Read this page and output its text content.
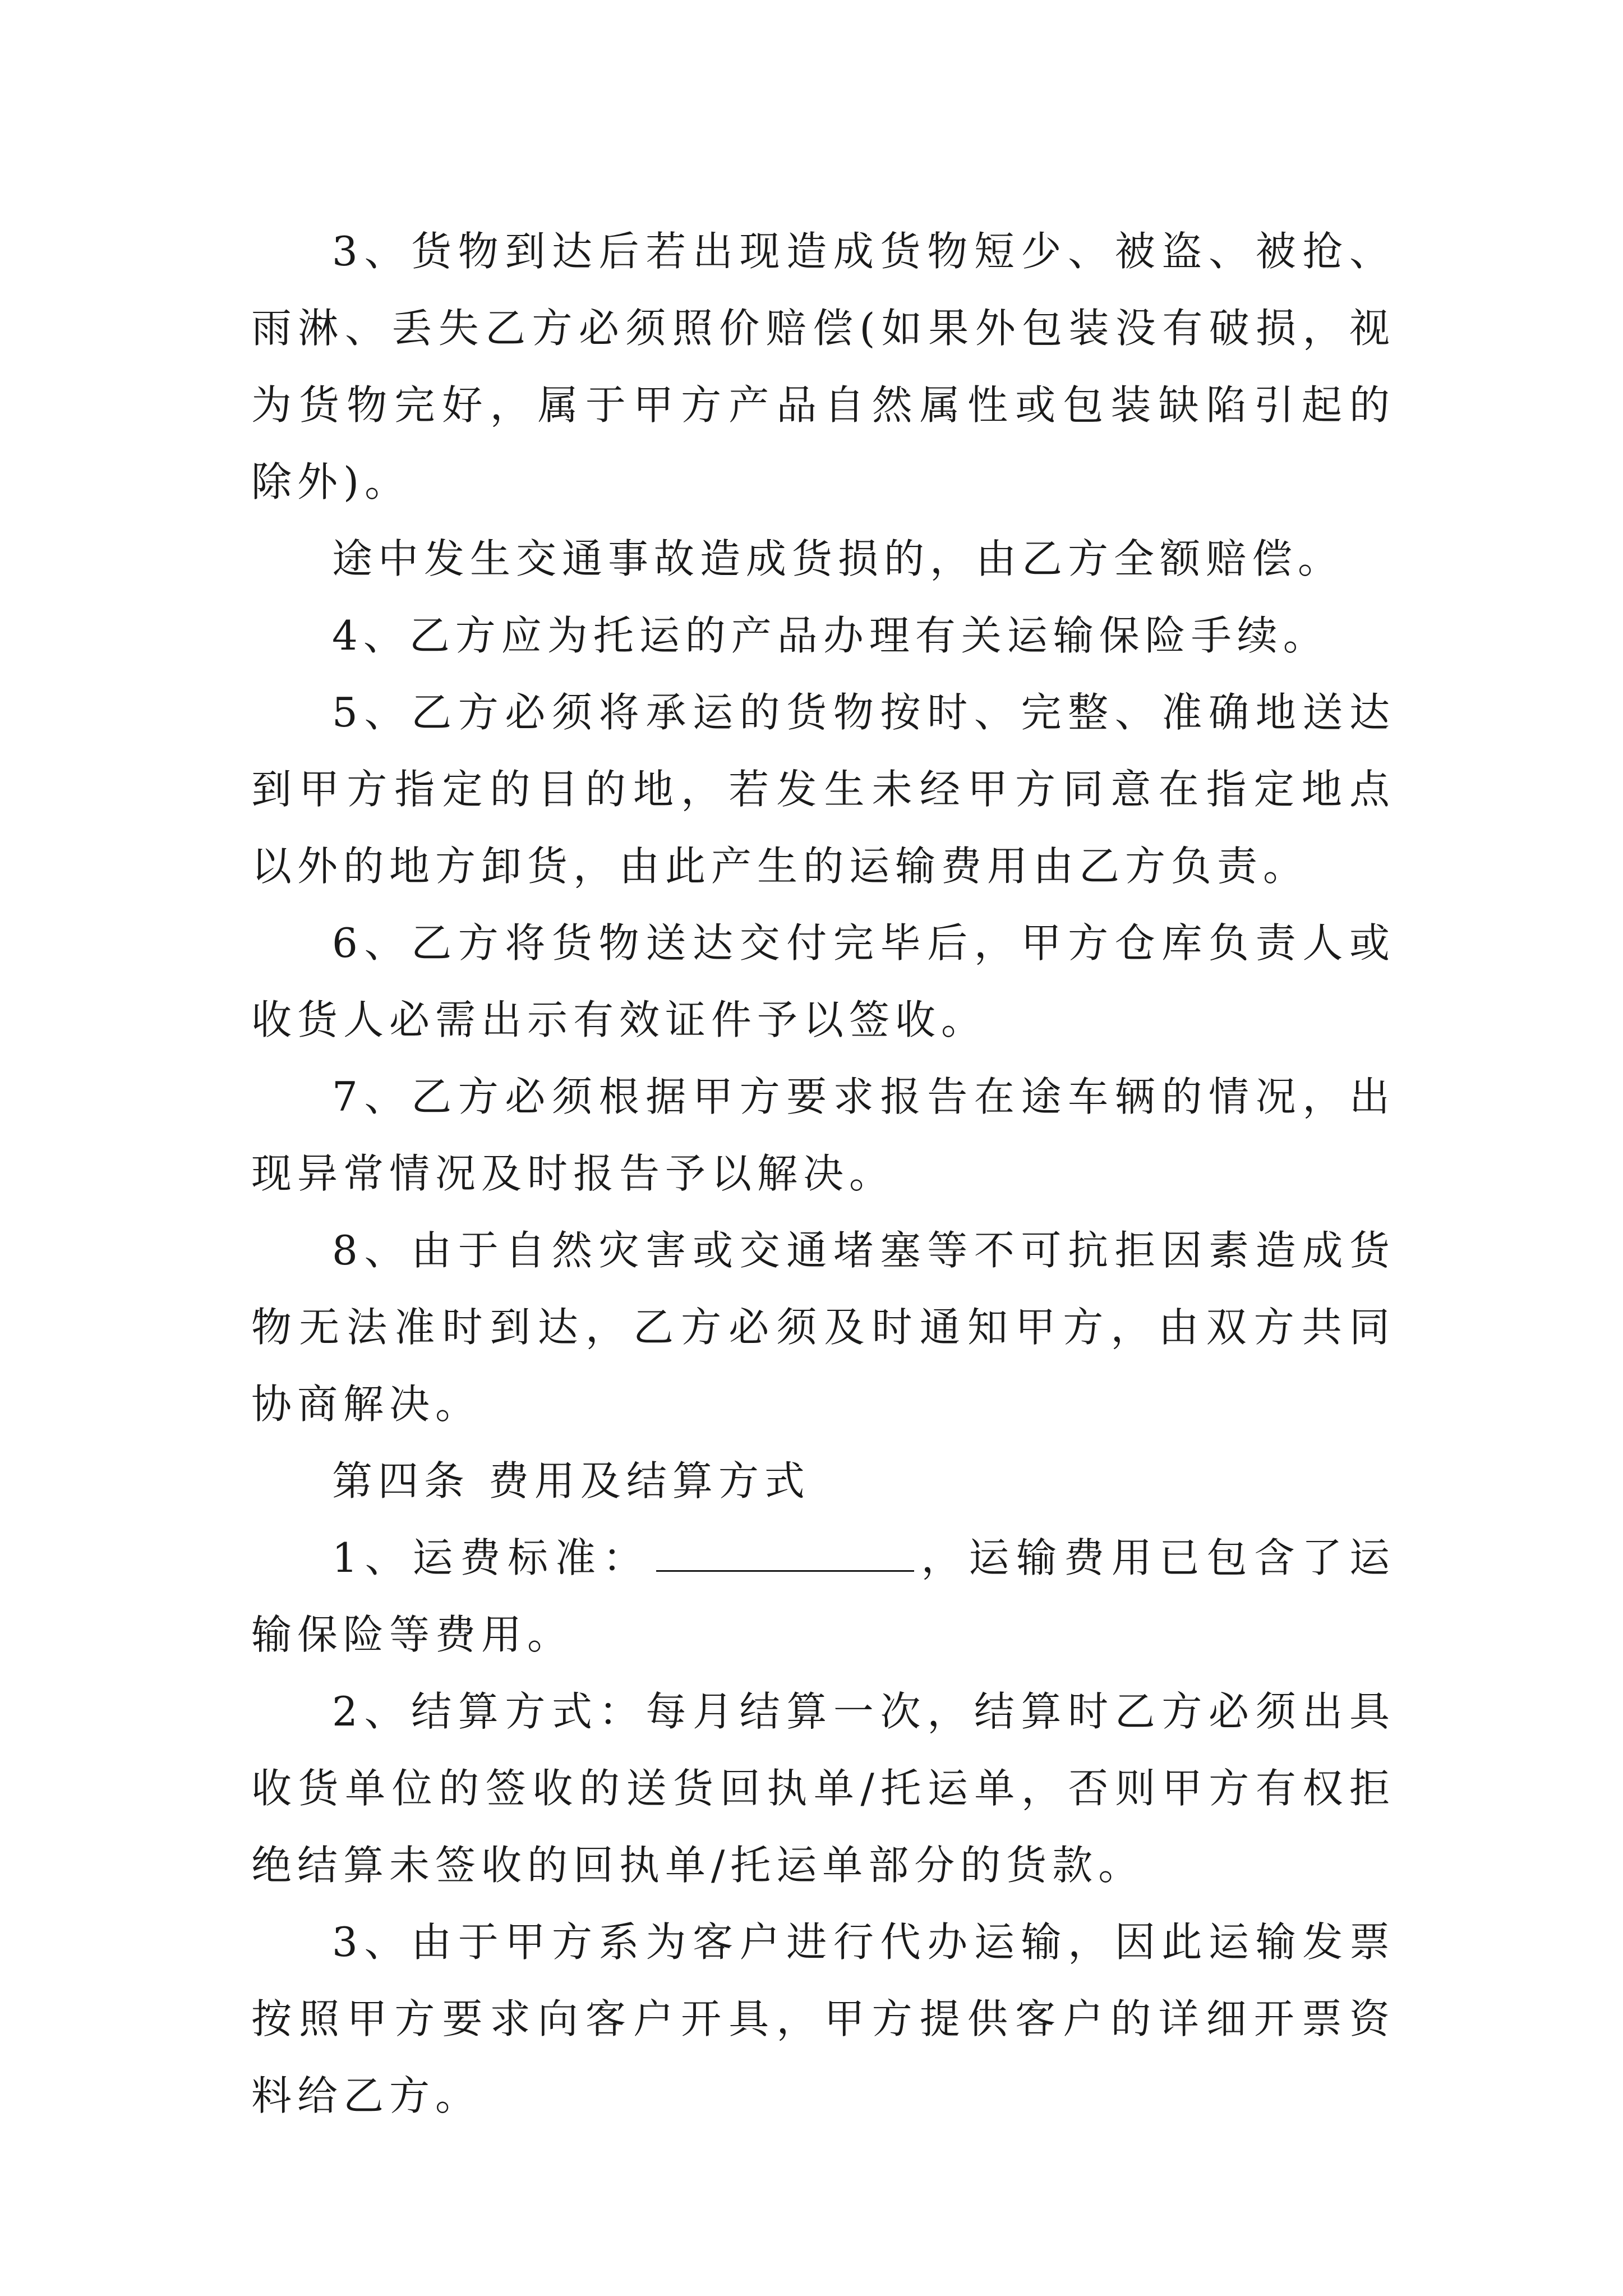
3、货物到达后若出现造成货物短少、被盗、被抢、雨淋、丢失乙方必须照价赔偿(如果外包装没有破损，视为货物完好，属于甲方产品自然属性或包装缺陷引起的除外)。

途中发生交通事故造成货损的，由乙方全额赔偿。

4、乙方应为托运的产品办理有关运输保险手续。

5、乙方必须将承运的货物按时、完整、准确地送达到甲方指定的目的地，若发生未经甲方同意在指定地点以外的地方卸货，由此产生的运输费用由乙方负责。

6、乙方将货物送达交付完毕后，甲方仓库负责人或收货人必需出示有效证件予以签收。

7、乙方必须根据甲方要求报告在途车辆的情况，出现异常情况及时报告予以解决。

8、由于自然灾害或交通堵塞等不可抗拒因素造成货物无法准时到达，乙方必须及时通知甲方，由双方共同协商解决。

第四条 费用及结算方式

1、运费标准：	，运输费用已包含了运输保险等费用。

2、结算方式：每月结算一次，结算时乙方必须出具收货单位的签收的送货回执单/托运单，否则甲方有权拒绝结算未签收的回执单/托运单部分的货款。

3、由于甲方系为客户进行代办运输，因此运输发票按照甲方要求向客户开具，甲方提供客户的详细开票资料给乙方。
